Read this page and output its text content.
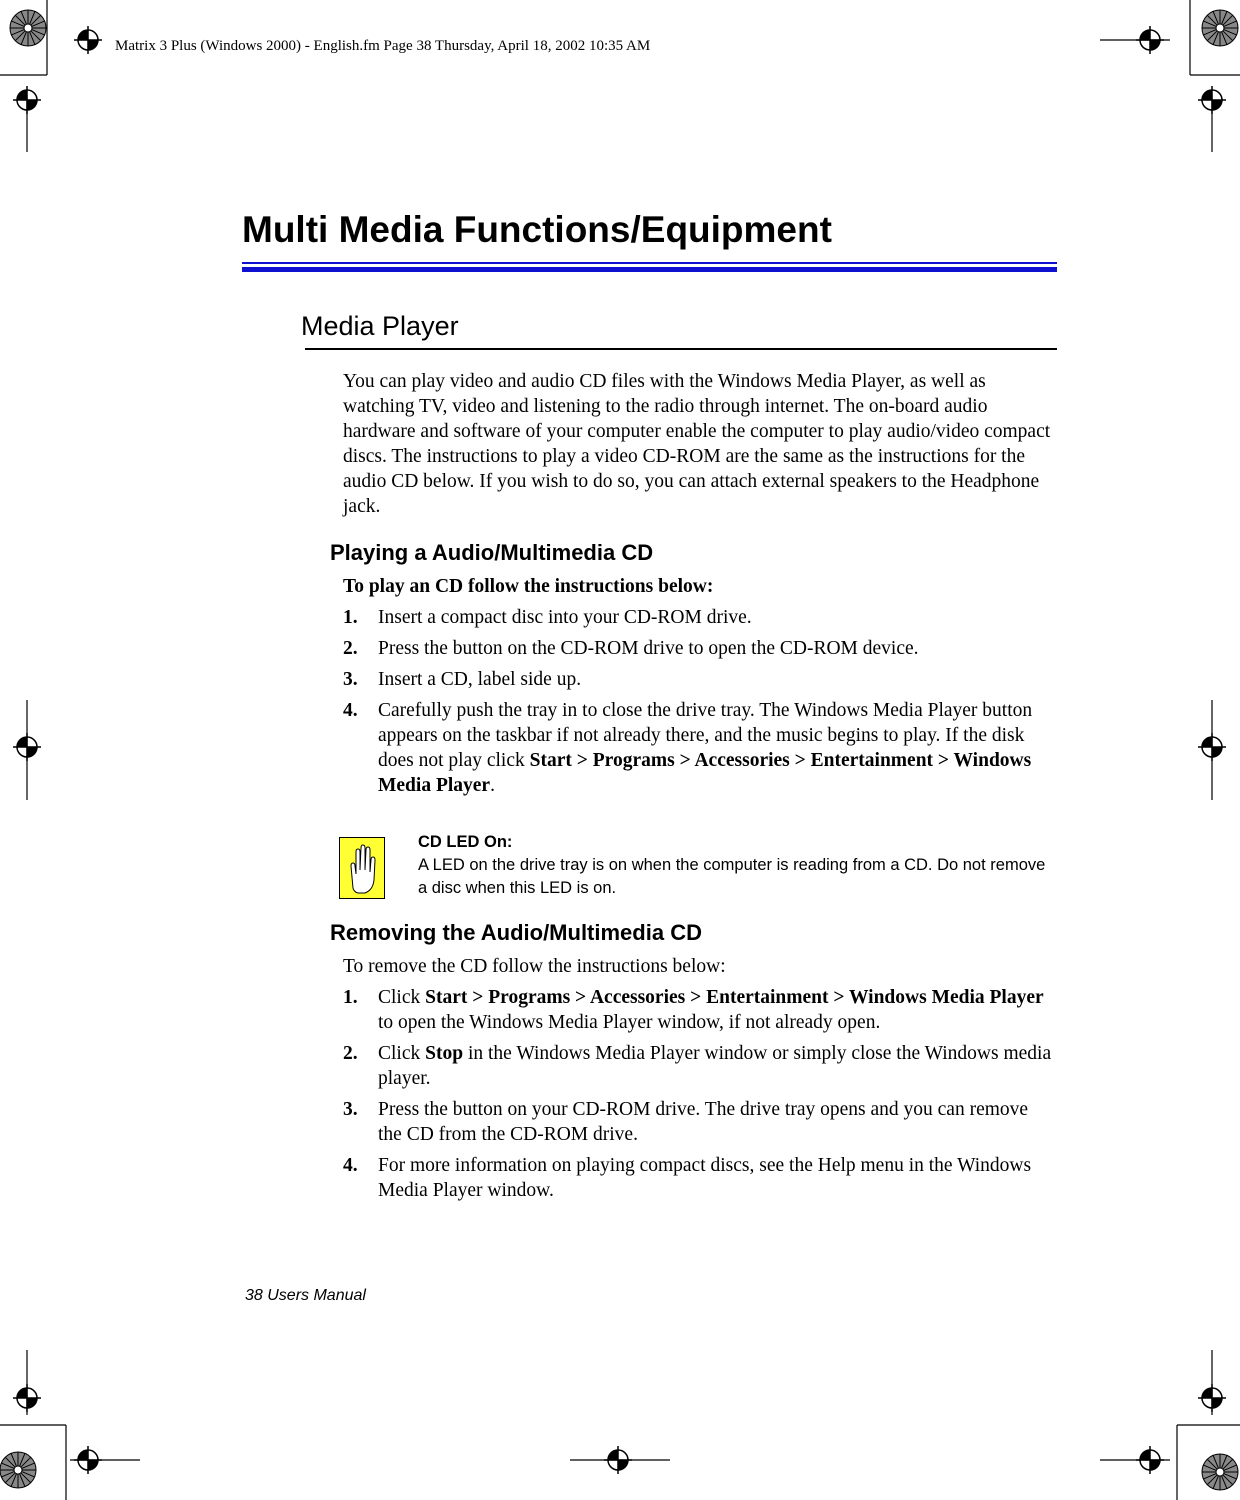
Matrix 3 Plus (Windows 2000) - English.fm Page 38 Thursday, April 18, 2002 10:35 AM
Multi Media Functions/Equipment
Media Player

You can play video and audio CD files with the Windows Media Player, as well as watching TV, video and listening to the radio through internet. The on-board audio hardware and software of your computer enable the computer to play audio/video compact discs. The instructions to play a video CD-ROM are the same as the instructions for the audio CD below. If you wish to do so, you can attach external speakers to the Headphone jack.

Playing a Audio/Multimedia CD

To play an CD follow the instructions below:

1. Insert a compact disc into your CD-ROM drive.
2. Press the button on the CD-ROM drive to open the CD-ROM device.
3. Insert a CD, label side up.
4. Carefully push the tray in to close the drive tray. The Windows Media Player button appears on the taskbar if not already there, and the music begins to play. If the disk does not play click Start > Programs > Accessories > Entertainment > Windows Media Player.
CD LED On:
A LED on the drive tray is on when the computer is reading from a CD. Do not remove a disc when this LED is on.
Removing the Audio/Multimedia CD

To remove the CD follow the instructions below:

1. Click Start > Programs > Accessories > Entertainment > Windows Media Player to open the Windows Media Player window, if not already open.
2. Click Stop in the Windows Media Player window or simply close the Windows media player.
3. Press the button on your CD-ROM drive. The drive tray opens and you can remove the CD from the CD-ROM drive.
4. For more information on playing compact discs, see the Help menu in the Windows Media Player window.
38 Users Manual
